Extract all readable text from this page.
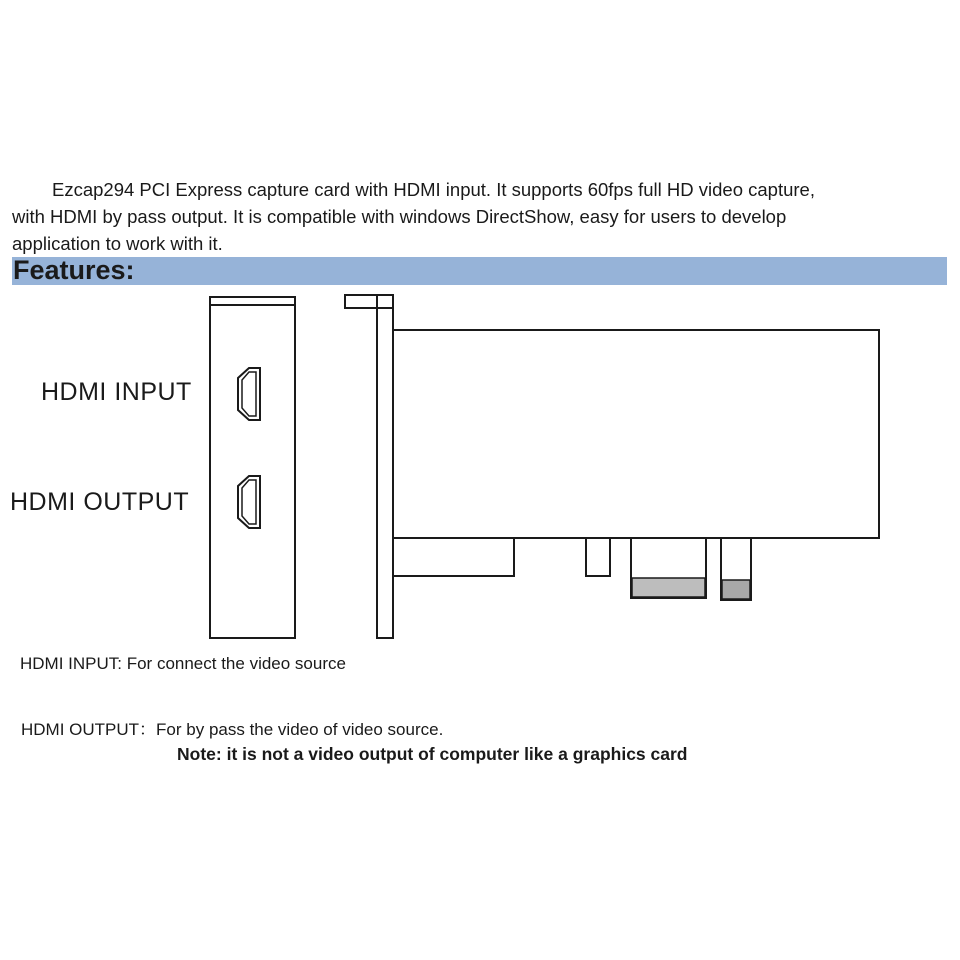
Ezcap294 PCI Express capture card with HDMI input. It supports 60fps full HD video capture,
with HDMI by pass output. It is compatible with windows DirectShow, easy for users to develop
application to work with it.

Features:
HDMI INPUT
HDMI OUTPUT
HDMI INPUT: For connect the video source
HDMI OUTPUT：For by pass the video of video source.
Note: it is not a video output of computer like a graphics card
